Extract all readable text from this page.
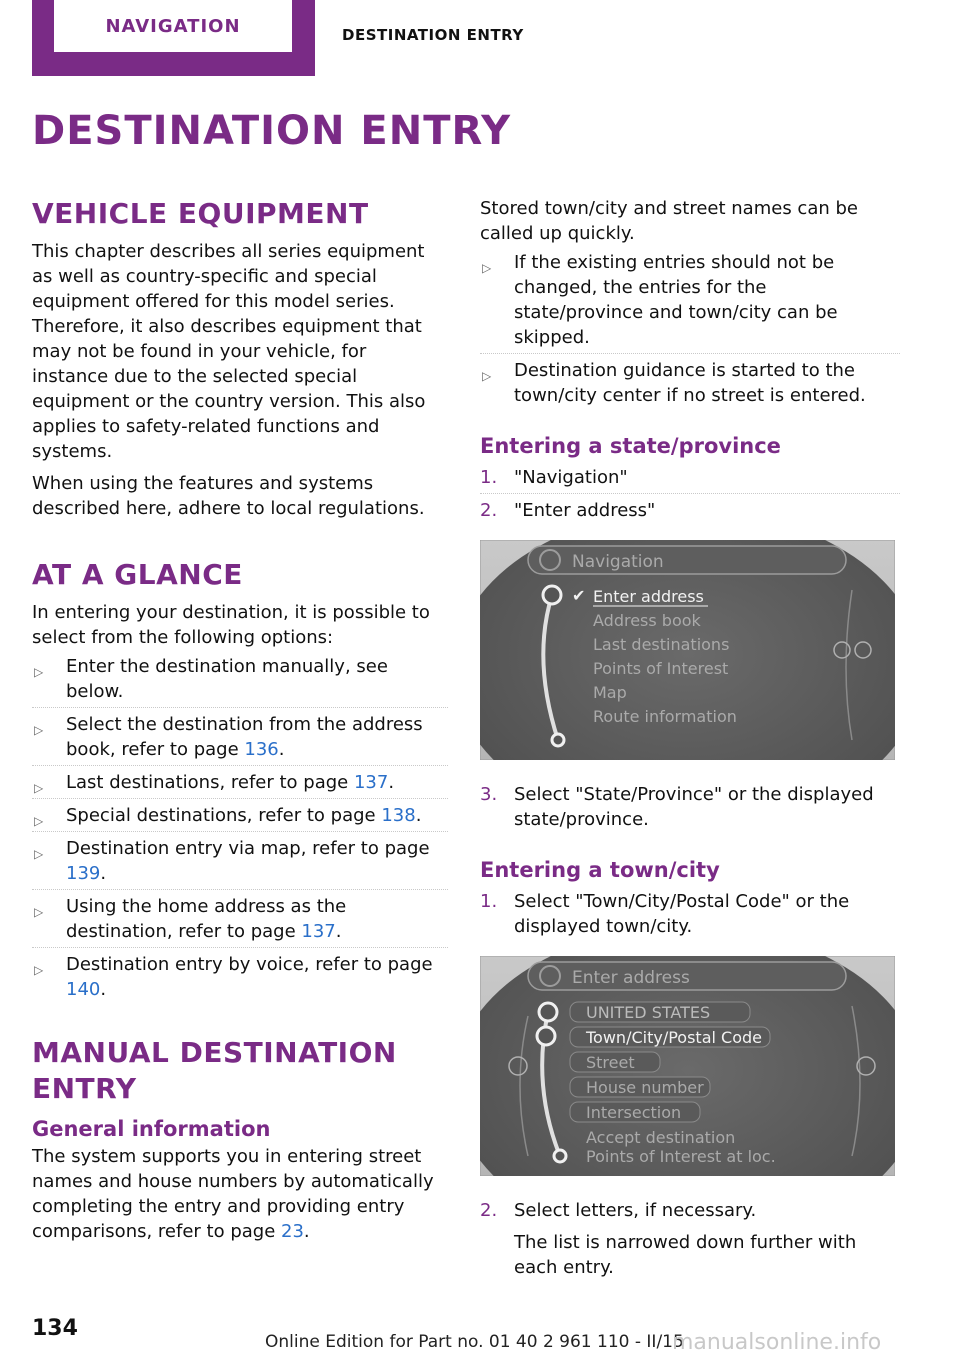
NAVIGATION	DESTINATION ENTRY
DESTINATION ENTRY
VEHICLE EQUIPMENT

This chapter describes all series equipment as well as country-specific and special equipment offered for this model series. Therefore, it also describes equipment that may not be found in your vehicle, for instance due to the selected special equipment or the country version. This also applies to safety-related functions and systems.

When using the features and systems described here, adhere to local regulations.

AT A GLANCE

In entering your destination, it is possible to select from the following options:

▷ Enter the destination manually, see below.
▷ Select the destination from the address book, refer to page 136.
▷ Last destinations, refer to page 137.
▷ Special destinations, refer to page 138.
▷ Destination entry via map, refer to page 139.
▷ Using the home address as the destination, refer to page 137.
▷ Destination entry by voice, refer to page 140.
MANUAL DESTINATION ENTRY
General information

The system supports you in entering street names and house numbers by automatically completing the entry and providing entry comparisons, refer to page 23.

Stored town/city and street names can be called up quickly.

▷ If the existing entries should not be changed, the entries for the state/province and town/city can be skipped.
▷ Destination guidance is started to the town/city center if no street is entered.
Entering a state/province
1. "Navigation"
2. "Enter address"
Navigation
✔ Enter address
Address book
Last destinations
Points of Interest
Map
Route information
3. Select "State/Province" or the displayed state/province.
Entering a town/city
1. Select "Town/City/Postal Code" or the displayed town/city.
Enter address
UNITED STATES
Town/City/Postal Code
Street
House number
Intersection
Accept destination
Points of Interest at loc.
2. Select letters, if necessary.

The list is narrowed down further with each entry.

134
Online Edition for Part no. 01 40 2 961 110 - II/15
manualsonline.info
